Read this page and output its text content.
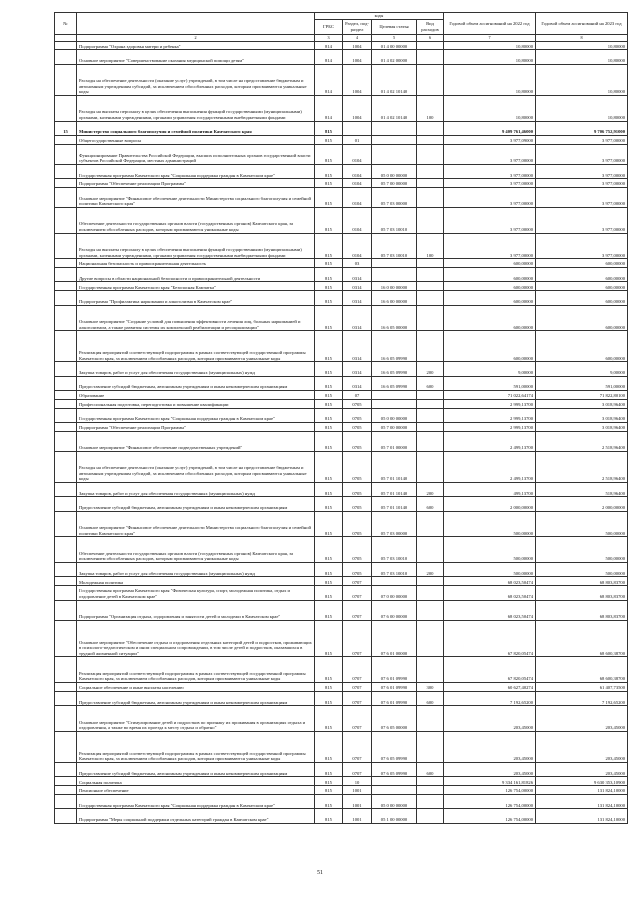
№		коды				Годовой объем ассигнований на 2022 год	Годовой объем ассигнований на 2023 год
		ГРБС	Раздел, под-раздел	Целевая статья	Вид расходов		
	2	3	4	5	6	7	8
	Подпрограмма "Охрана здоровья матери и ребенка"	814	1004	01 4 00 00000		10,80000	10,80000
	Основное мероприятие "Совершенствование оказания медицинской помощи детям"	814	1004	01 4 02 00000		10,80000	10,80000
	Расходы на обеспечение деятельности (оказание услуг) учреждений, в том числе на предоставление бюджетным и автономным учреждениям субсидий, за исключением обособленных расходов, которым присваиваются уникальные коды	814	1004	01 4 02 10140		10,80000	10,80000
	Расходы на выплаты персоналу в целях обеспечения выполнения функций государственными (муниципальными) органами, казенными учреждениями, органами управления государственными внебюджетными фондами	814	1004	01 4 02 10140	100	10,80000	10,80000
15	Министерство социального благополучия и семейной политики Камчатского края	815				9 409 761,46000	9 706 752,91000
	Общегосударственные вопросы	815	01			3 977,09000	3 977,00000
	Функционирование Правительства Российской Федерации, высших исполнительных органов государственной власти субъектов Российской Федерации, местных администраций	815	0104			3 977,00000	3 977,00000
	Государственная программа Камчатского края "Социальная поддержка граждан в Камчатском крае"	815	0104	05 0 00 00000		3 977,00000	3 977,00000
	Подпрограмма "Обеспечение реализации Программы"	815	0104	05 7 00 00000		3 977,00000	3 977,00000
	Основное мероприятие "Финансовое обеспечение деятельности Министерства социального благополучия и семейной политики Камчатского края"	815	0104	05 7 03 00000		3 977,00000	3 977,00000
	Обеспечение деятельности государственных органов власти (государственных органов) Камчатского края, за исключением обособленных расходов, которым присваиваются уникальные коды	815	0104	05 7 03 10010		3 977,00000	3 977,00000
	Расходы на выплаты персоналу в целях обеспечения выполнения функций государственными (муниципальными) органами, казенными учреждениями, органами управления государственными внебюджетными фондами	815	0104	05 7 03 10010	100	3 977,00000	3 977,00000
	Национальная безопасность и правоохранительная деятельность	815	03			600,00000	600,00000
	Другие вопросы в области национальной безопасности и правоохранительной деятельности	815	0314			600,00000	600,00000
	Государственная программа Камчатского края "Безопасная Камчатка"	815	0314	16 0 00 00000		600,00000	600,00000
	Подпрограмма "Профилактика наркомании и алкоголизма в Камчатском крае"	815	0314	16 6 00 00000		600,00000	600,00000
	Основное мероприятие "Создание условий для повышения эффективности лечения лиц, больных наркоманией и алкоголизмом, а также развития системы их комплексной реабилитации и ресоциализации"	815	0314	16 6 05 00000		600,00000	600,00000
	Реализация мероприятий соответствующей подпрограммы в рамках соответствующей государственной программы Камчатского края, за исключением обособленных расходов, которым присваиваются уникальные коды	815	0314	16 6 05 09990		600,00000	600,00000
	Закупка товаров, работ и услуг для обеспечения государственных (муниципальных) нужд	815	0314	16 6 05 09990	200	9,00000	9,00000
	Предоставление субсидий бюджетным, автономным учреждениям и иным некоммерческим организациям	815	0314	16 6 05 09990	600	591,00000	591,00000
	Образование	815	07			71 022,64174	71 822,80100
	Профессиональная подготовка, переподготовка и повышение квалификации	815	0705			2 999,13700	3 018,96400
	Государственная программа Камчатского края "Социальная поддержка граждан в Камчатском крае"	815	0705	05 0 00 00000		2 999,13700	3 018,96400
	Подпрограмма "Обеспечение реализации Программы"	815	0705	05 7 00 00000		2 999,13700	3 018,96400
	Основное мероприятие "Финансовое обеспечение подведомственных учреждений"	815	0705	05 7 01 00000		2 499,13700	2 518,96400
	Расходы на обеспечение деятельности (оказание услуг) учреждений, в том числе на предоставление бюджетным и автономным учреждениям субсидий, за исключением обособленных расходов, которым присваиваются уникальные коды	815	0705	05 7 01 10140		2 499,13700	2 518,96400
	Закупка товаров, работ и услуг для обеспечения государственных (муниципальных) нужд	815	0705	05 7 01 10140	200	499,13700	518,96400
	Предоставление субсидий бюджетным, автономным учреждениям и иным некоммерческим организациям	815	0705	05 7 01 10140	600	2 000,00000	2 000,00000
	Основное мероприятие "Финансовое обеспечение деятельности Министерства социального благополучия и семейной политики Камчатского края"	815	0705	05 7 03 00000		500,00000	500,00000
	Обеспечение деятельности государственных органов власти (государственных органов) Камчатского края, за исключением обособленных расходов, которым присваиваются уникальные коды	815	0705	05 7 03 10010		500,00000	500,00000
	Закупка товаров, работ и услуг для обеспечения государственных (муниципальных) нужд	815	0705	05 7 03 10010	200	500,00000	500,00000
	Молодежная политика	815	0707			68 023,50474	68 803,83700
	Государственная программа Камчатского края "Физическая культура, спорт, молодежная политика, отдых и оздоровление детей в Камчатском крае"	815	0707	07 0 00 00000		68 023,50474	68 803,83700
	Подпрограмма "Организация отдыха, оздоровления и занятости детей и молодежи в Камчатском крае"	815	0707	07 6 00 00000		68 023,50474	68 803,83700
	Основное мероприятие "Обеспечение отдыха и оздоровления отдельных категорий детей и подростков, проживающих в психолого-педагогическом и ином специальном сопровождении, в том числе детей и подростков, оказавшихся в трудной жизненной ситуации"	815	0707	07 6 01 00000		67 820,05474	68 600,38700
	Реализация мероприятий соответствующей подпрограммы в рамках соответствующей государственной программы Камчатского края, за исключением обособленных расходов, которым присваиваются уникальные коды	815	0707	07 6 01 09990		67 820,05474	68 600,38700
	Социальное обеспечение и иные выплаты населению	815	0707	07 6 01 09990	300	60 627,40274	61 407,73500
	Предоставление субсидий бюджетным, автономным учреждениям и иным некоммерческим организациям	815	0707	07 6 01 09990	600	7 192,65200	7 192,65200
	Основное мероприятие "Стимулирование детей и подростков по признаку их проживания в организациях отдыха и оздоровления, а также во время их проезда к месту отдыха и обратно"	815	0707	07 6 05 00000		203,45000	203,45000
	Реализация мероприятий соответствующей подпрограммы в рамках соответствующей государственной программы Камчатского края, за исключением обособленных расходов, которым присваиваются уникальные коды	815	0707	07 6 05 09990		203,45000	203,45000
	Предоставление субсидий бюджетным, автономным учреждениям и иным некоммерческим организациям	815	0707	07 6 05 09990	600	203,45000	203,45000
	Социальная политика	815	10			9 334 161,81826	9 630 353,10900
	Пенсионное обеспечение	815	1001			126 754,00000	131 824,10000
	Государственная программа Камчатского края "Социальная поддержка граждан в Камчатском крае"	815	1001	05 0 00 00000		126 754,00000	131 824,10000
	Подпрограмма "Меры социальной поддержки отдельных категорий граждан в Камчатском крае"	815	1001	05 1 00 00000		126 754,00000	131 824,10000
51
